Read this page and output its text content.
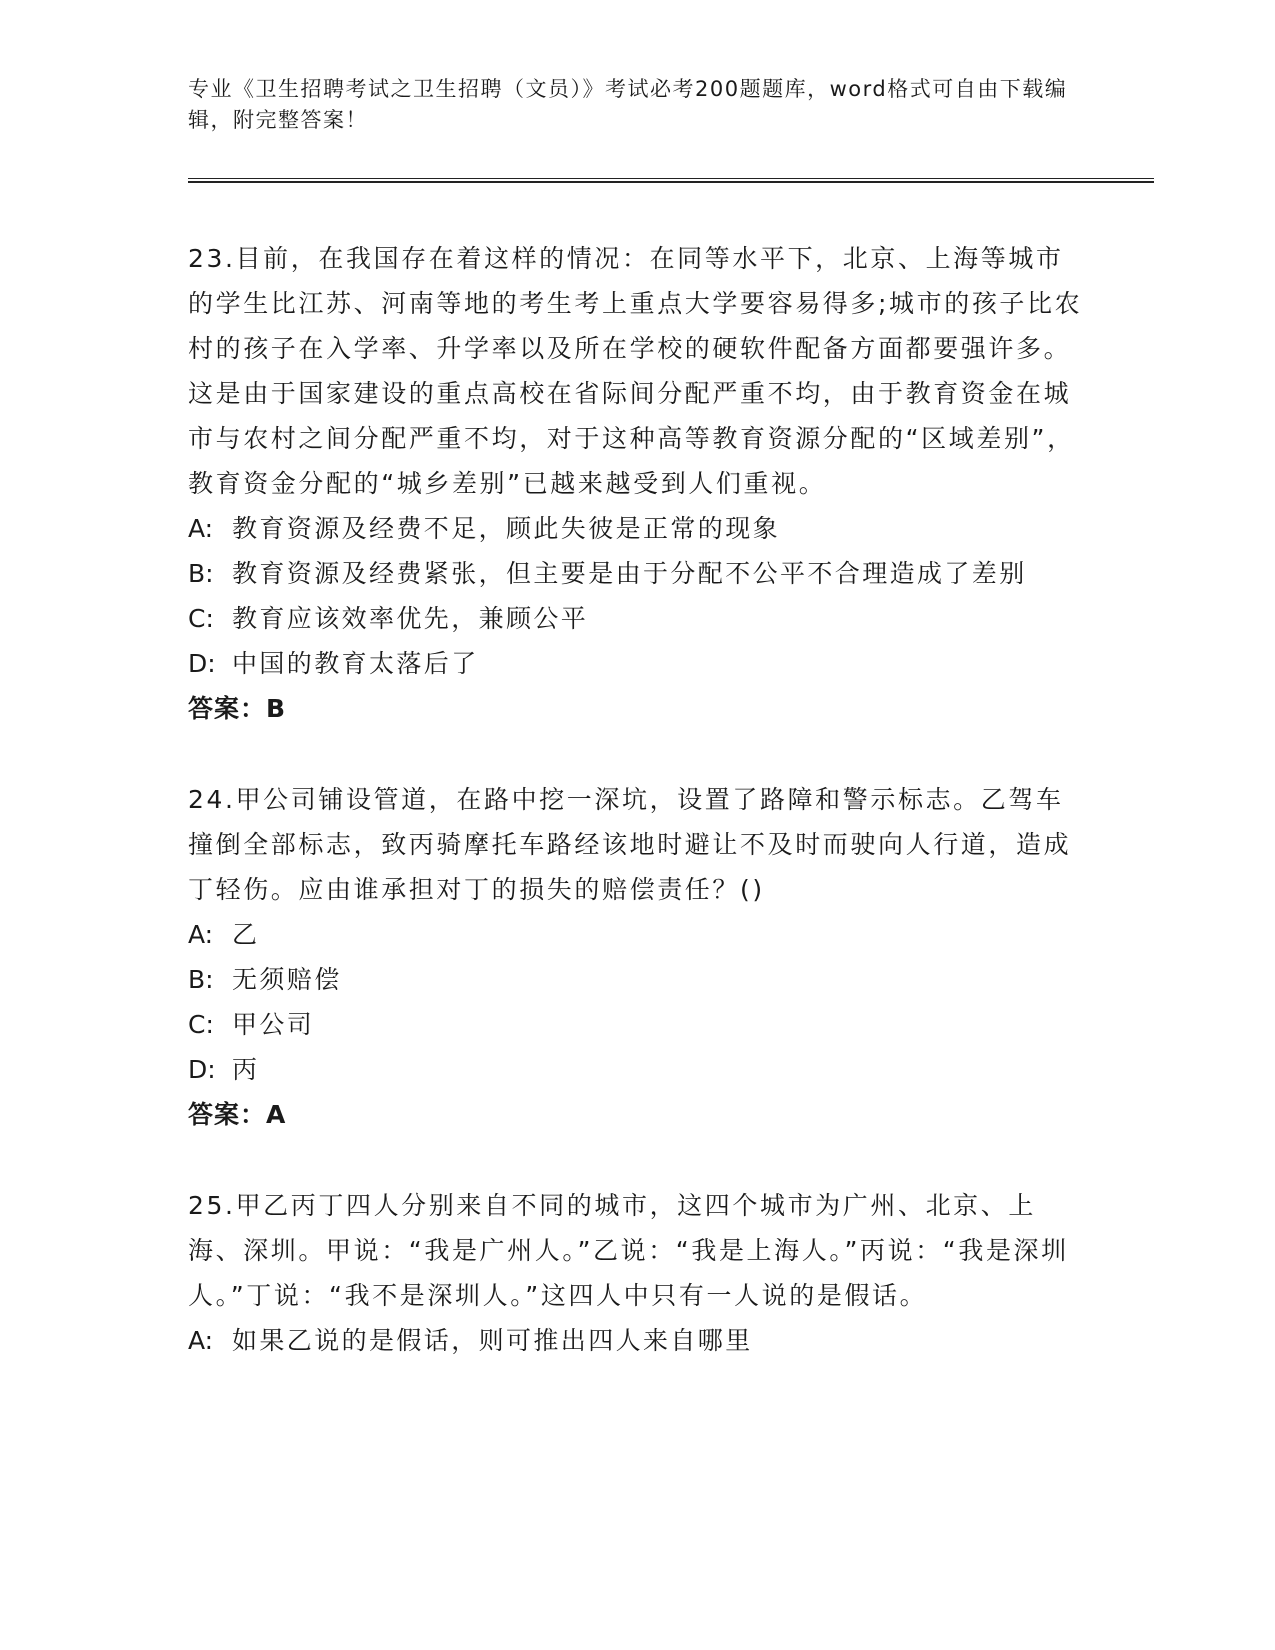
专业《卫生招聘考试之卫生招聘（文员）》考试必考200题题库，word格式可自由下载编辑，附完整答案！

23.目前，在我国存在着这样的情况：在同等水平下，北京、上海等城市的学生比江苏、河南等地的考生考上重点大学要容易得多;城市的孩子比农村的孩子在入学率、升学率以及所在学校的硬软件配备方面都要强许多。这是由于国家建设的重点高校在省际间分配严重不均，由于教育资金在城市与农村之间分配严重不均，对于这种高等教育资源分配的“区域差别”，教育资金分配的“城乡差别”已越来越受到人们重视。

A: 教育资源及经费不足，顾此失彼是正常的现象
B: 教育资源及经费紧张，但主要是由于分配不公平不合理造成了差别
C: 教育应该效率优先，兼顾公平
D: 中国的教育太落后了
答案：B

24.甲公司铺设管道，在路中挖一深坑，设置了路障和警示标志。乙驾车撞倒全部标志，致丙骑摩托车路经该地时避让不及时而驶向人行道，造成丁轻伤。应由谁承担对丁的损失的赔偿责任？()

A: 乙
B: 无须赔偿
C: 甲公司
D: 丙
答案：A

25.甲乙丙丁四人分别来自不同的城市，这四个城市为广州、北京、上海、深圳。甲说：“我是广州人。”乙说：“我是上海人。”丙说：“我是深圳人。”丁说：“我不是深圳人。”这四人中只有一人说的是假话。

A: 如果乙说的是假话，则可推出四人来自哪里
